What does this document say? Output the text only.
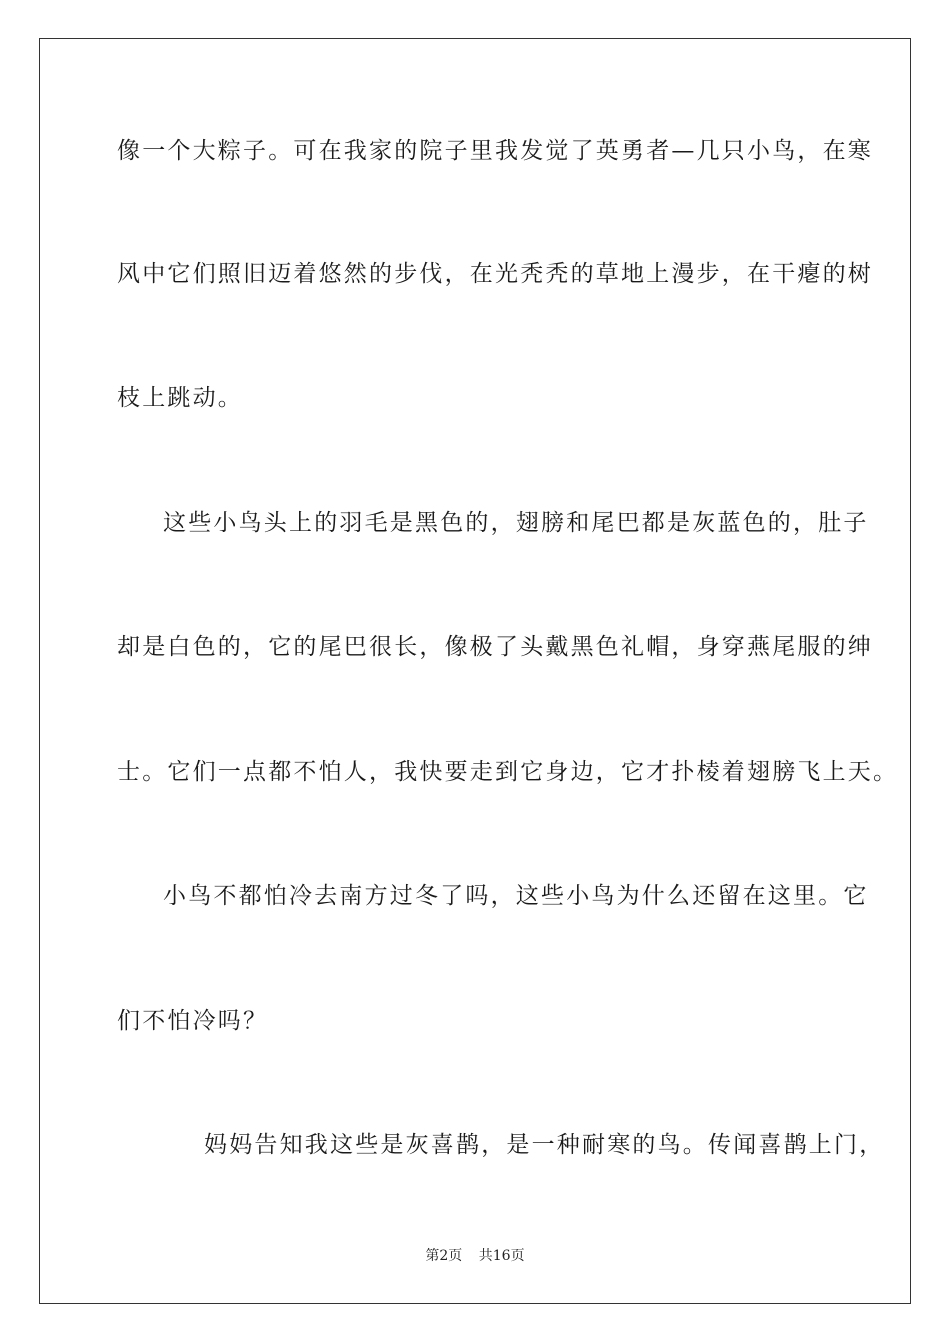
像一个大粽子。可在我家的院子里我发觉了英勇者—几只小鸟，在寒
风中它们照旧迈着悠然的步伐，在光秃秃的草地上漫步，在干瘪的树
枝上跳动。
这些小鸟头上的羽毛是黑色的，翅膀和尾巴都是灰蓝色的，肚子
却是白色的，它的尾巴很长，像极了头戴黑色礼帽，身穿燕尾服的绅
士。它们一点都不怕人，我快要走到它身边，它才扑棱着翅膀飞上天。
小鸟不都怕冷去南方过冬了吗，这些小鸟为什么还留在这里。它
们不怕冷吗？
妈妈告知我这些是灰喜鹊，是一种耐寒的鸟。传闻喜鹊上门，
第2页 共16页
